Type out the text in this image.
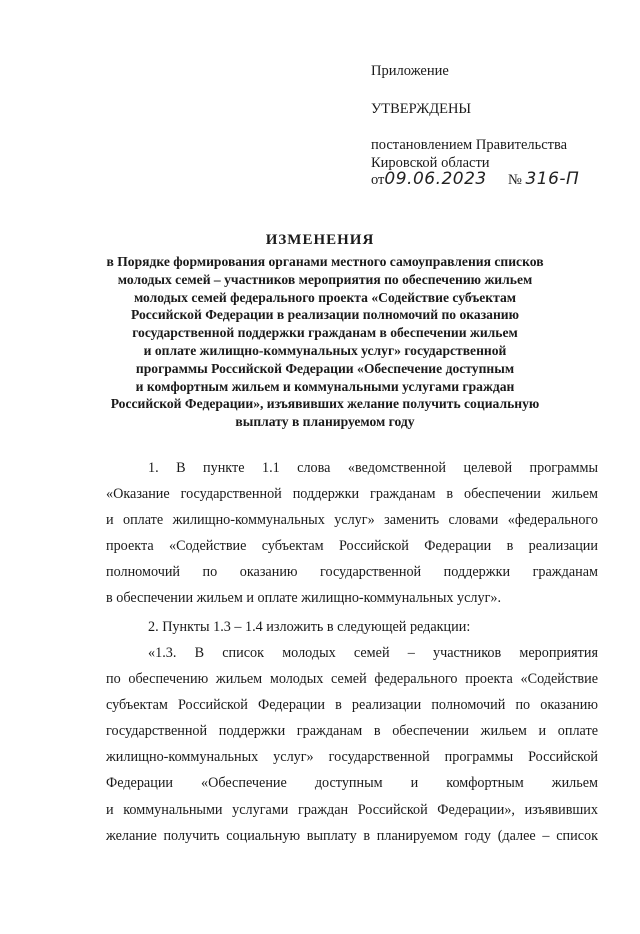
Приложение
УТВЕРЖДЕНЫ
постановлением Правительства
Кировской области
от09.06.2023 № 316-П
ИЗМЕНЕНИЯ
в Порядке формирования органами местного самоуправления списков
молодых семей – участников мероприятия по обеспечению жильем
молодых семей федерального проекта «Содействие субъектам
Российской Федерации в реализации полномочий по оказанию
государственной поддержки гражданам в обеспечении жильем
и оплате жилищно-коммунальных услуг» государственной
программы Российской Федерации «Обеспечение доступным
и комфортным жильем и коммунальными услугами граждан
Российской Федерации», изъявивших желание получить социальную
выплату в планируемом году
1. В пункте 1.1 слова «ведомственной целевой программы
«Оказание государственной поддержки гражданам в обеспечении жильем
и оплате жилищно-коммунальных услуг» заменить словами «федерального
проекта «Содействие субъектам Российской Федерации в реализации
полномочий по оказанию государственной поддержки гражданам
в обеспечении жильем и оплате жилищно-коммунальных услуг».
2. Пункты 1.3 – 1.4 изложить в следующей редакции:
«1.3. В список молодых семей – участников мероприятия
по обеспечению жильем молодых семей федерального проекта «Содействие
субъектам Российской Федерации в реализации полномочий по оказанию
государственной поддержки гражданам в обеспечении жильем и оплате
жилищно-коммунальных услуг» государственной программы Российской
Федерации «Обеспечение доступным и комфортным жильем
и коммунальными услугами граждан Российской Федерации», изъявивших
желание получить социальную выплату в планируемом году (далее – список
